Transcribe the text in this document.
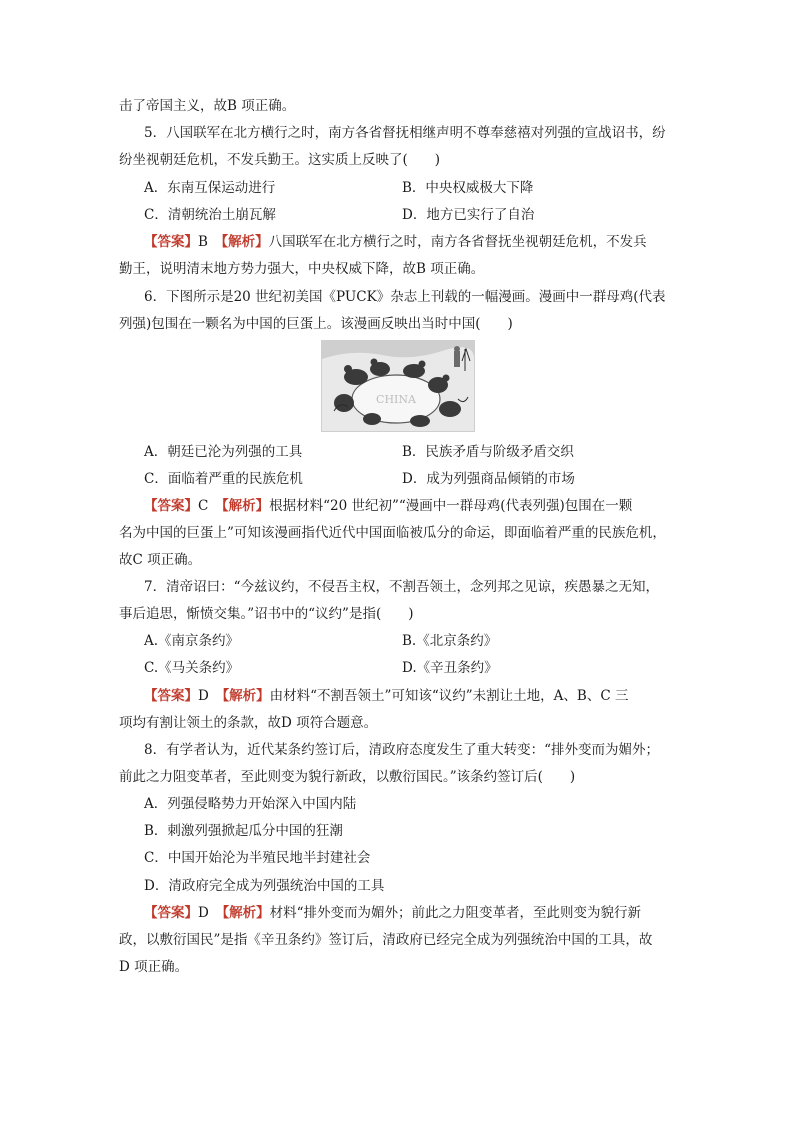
击了帝国主义，故B 项正确。
5．八国联军在北方横行之时，南方各省督抚相继声明不尊奉慈禧对列强的宣战诏书，纷
纷坐视朝廷危机，不发兵勤王。这实质上反映了(　　)
A．东南互保运动进行	B．中央权威极大下降
C．清朝统治土崩瓦解	D．地方已实行了自治
【答案】B　 【解析】八国联军在北方横行之时，南方各省督抚坐视朝廷危机，不发兵
勤王，说明清末地方势力强大，中央权威下降，故B 项正确。
6．下图所示是20 世纪初美国《PUCK》杂志上刊载的一幅漫画。漫画中一群母鸡(代表
列强)包围在一颗名为中国的巨蛋上。该漫画反映出当时中国(　　)
CHINA
A．朝廷已沦为列强的工具	B．民族矛盾与阶级矛盾交织
C．面临着严重的民族危机	D．成为列强商品倾销的市场
【答案】C　 【解析】根据材料“20 世纪初”“漫画中一群母鸡(代表列强)包围在一颗
名为中国的巨蛋上”可知该漫画指代近代中国面临被瓜分的命运，即面临着严重的民族危机，
故C 项正确。
7．清帝诏曰：“今兹议约，不侵吾主权，不割吾领土，念列邦之见谅，疾愚暴之无知，
事后追思，惭愤交集。”诏书中的“议约”是指(　　)
A.《南京条约》	B.《北京条约》
C.《马关条约》	D.《辛丑条约》
【答案】D　 【解析】由材料“不割吾领土”可知该“议约”未割让土地，A、B、C 三
项均有割让领土的条款，故D 项符合题意。
8．有学者认为，近代某条约签订后，清政府态度发生了重大转变：“排外变而为媚外；
前此之力阻变革者，至此则变为貌行新政，以敷衍国民。”该条约签订后(　　)
A．列强侵略势力开始深入中国内陆
B．刺激列强掀起瓜分中国的狂潮
C．中国开始沦为半殖民地半封建社会
D．清政府完全成为列强统治中国的工具
【答案】D　 【解析】材料“排外变而为媚外；前此之力阻变革者，至此则变为貌行新
政，以敷衍国民”是指《辛丑条约》签订后，清政府已经完全成为列强统治中国的工具，故
D 项正确。
